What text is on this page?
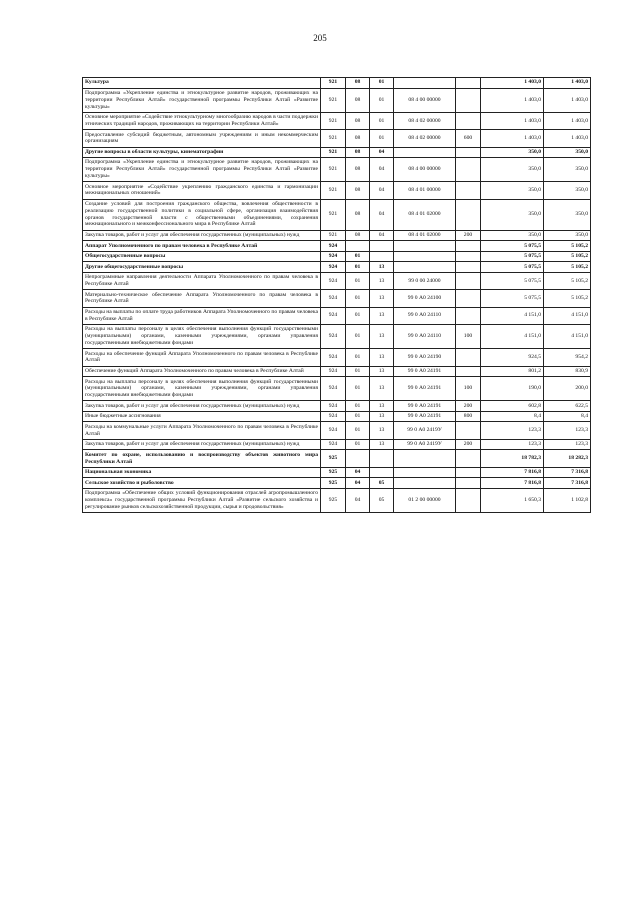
205
Культура	921	08	01			1 403,0	1 403,0
Подпрограмма «Укрепление единства и этнокультурное развитие народов, проживающих на территории Республики Алтай» государственной программы Республики Алтай «Развитие культуры»	921	08	01	08 4 00 00000		1 403,0	1 403,0
Основное мероприятие «Содействие этнокультурному многообразию народов в части поддержки этнических традиций народов, проживающих на территории Республики Алтай»	921	08	01	08 4 02 00000		1 403,0	1 403,0
Предоставление субсидий бюджетным, автономным учреждениям и иным некоммерческим организациям	921	08	01	08 4 02 00000	600	1 403,0	1 403,0
Другие вопросы в области культуры, кинематографии	921	08	04			350,0	350,0
Подпрограмма «Укрепление единства и этнокультурное развитие народов, проживающих на территории Республики Алтай» государственной программы Республики Алтай «Развитие культуры»	921	08	04	08 4 00 00000		350,0	350,0
Основное мероприятие «Содействие укреплению гражданского единства и гармонизации межнациональных отношений»	921	08	04	08 4 01 00000		350,0	350,0
Создание условий для построения гражданского общества, вовлечения общественности в реализацию государственной политики в социальной сфере, организация взаимодействия органов государственной власти с общественными объединениями, сохранения межнационального и межконфессионального мира в Республике Алтай	921	08	04	08 4 01 02000		350,0	350,0
Закупка товаров, работ и услуг для обеспечения государственных (муниципальных) нужд	921	08	04	08 4 01 02000	200	350,0	350,0
Аппарат Уполномоченного по правам человека в Республике Алтай	924					5 075,5	5 105,2
Общегосударственные вопросы	924	01				5 075,5	5 105,2
Другие общегосударственные вопросы	924	01	13			5 075,5	5 105,2
Непрограммные направления деятельности Аппарата Уполномоченного по правам человека в Республике Алтай	924	01	13	99 0 00 24000		5 075,5	5 105,2
Материально-техническое обеспечение Аппарата Уполномоченного по правам человека в Республике Алтай	924	01	13	99 0 А0 24100		5 075,5	5 105,2
Расходы на выплаты по оплате труда работников Аппарата Уполномоченного по правам человека в Республике Алтай	924	01	13	99 0 А0 24110		4 151,0	4 151,0
Расходы на выплаты персоналу в целях обеспечения выполнения функций государственными (муниципальными) органами, казенными учреждениями, органами управления государственными внебюджетными фондами	924	01	13	99 0 А0 24110	100	4 151,0	4 151,0
Расходы на обеспечение функций Аппарата Уполномоченного по правам человека в Республике Алтай	924	01	13	99 0 А0 24190		924,5	954,2
Обеспечение функций Аппарата Уполномоченного по правам человека в Республике Алтай	924	01	13	99 0 А0 24191		801,2	830,9
Расходы на выплаты персоналу в целях обеспечения выполнения функций государственными (муниципальными) органами, казенными учреждениями, органами управления государственными внебюджетными фондами	924	01	13	99 0 А0 24191	100	190,0	200,0
Закупка товаров, работ и услуг для обеспечения государственных (муниципальных) нужд	924	01	13	99 0 А0 24191	200	602,8	622,5
Иные бюджетные ассигнования	924	01	13	99 0 А0 24191	800	8,4	8,4
Расходы на коммунальные услуги Аппарата Уполномоченного по правам человека в Республике Алтай	924	01	13	99 0 А0 2419У		123,3	123,3
Закупка товаров, работ и услуг для обеспечения государственных (муниципальных) нужд	924	01	13	99 0 А0 2419У	200	123,3	123,3
Комитет по охране, использованию и воспроизводству объектов животного мира Республики Алтай	925					18 782,3	18 282,3
Национальная экономика	925	04				7 816,8	7 316,8
Сельское хозяйство и рыболовство	925	04	05			7 816,8	7 316,8
Подпрограмма «Обеспечение общих условий функционирования отраслей агропромышленного комплекса» государственной программы Республики Алтай «Развитие сельского хозяйства и регулирование рынков сельскохозяйственной продукции, сырья и продовольствия»	925	04	05	01 2 00 00000		1 650,3	1 102,8
